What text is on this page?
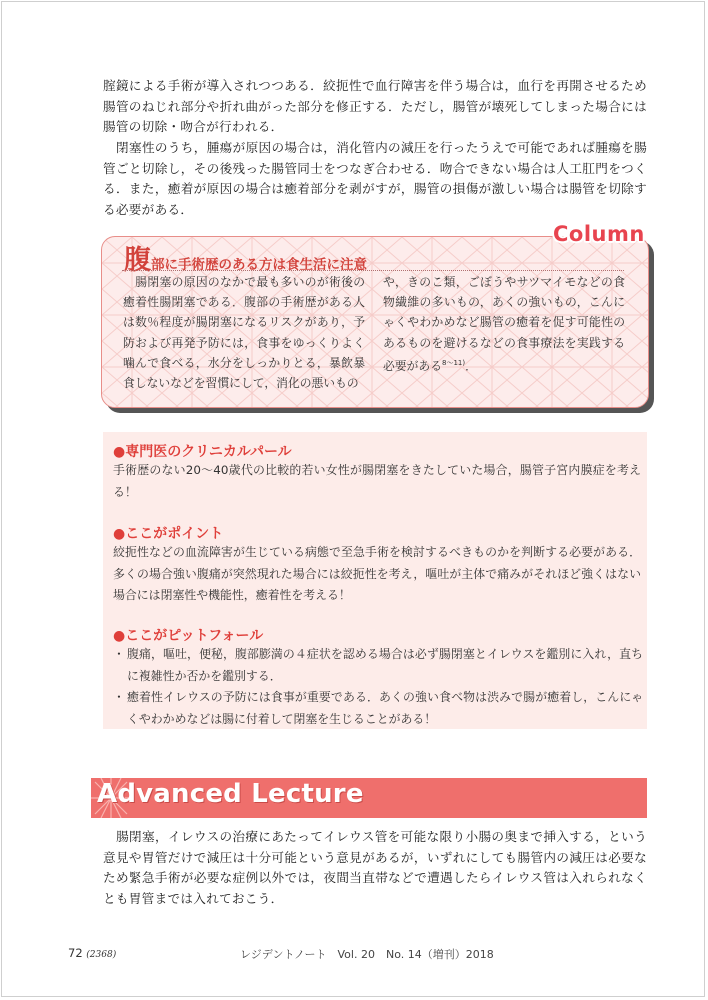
腟鏡による手術が導入されつつある．絞扼性で血行障害を伴う場合は，血行を再開させるため腸管のねじれ部分や折れ曲がった部分を修正する．ただし，腸管が壊死してしまった場合には腸管の切除・吻合が行われる．

閉塞性のうち，腫瘍が原因の場合は，消化管内の減圧を行ったうえで可能であれば腫瘍を腸管ごと切除し，その後残った腸管同士をつなぎ合わせる．吻合できない場合は人工肛門をつくる．また，癒着が原因の場合は癒着部分を剥がすが，腸管の損傷が激しい場合は腸管を切除する必要がある．

Column
腹部に手術歴のある方は食生活に注意

腸閉塞の原因のなかで最も多いのが術後の癒着性腸閉塞である．腹部の手術歴がある人は数％程度が腸閉塞になるリスクがあり，予防および再発予防には，食事をゆっくりよく噛んで食べる，水分をしっかりとる，暴飲暴食しないなどを習慣にして，消化の悪いもの

や，きのこ類，ごぼうやサツマイモなどの食物繊維の多いもの，あくの強いもの，こんにゃくやわかめなど腸管の癒着を促す可能性のあるものを避けるなどの食事療法を実践する必要がある$^{8\sim 11)}$．

●専門医のクリニカルパール

手術歴のない20～40歳代の比較的若い女性が腸閉塞をきたしていた場合，腸管子宮内膜症を考える！

●ここがポイント

絞扼性などの血流障害が生じている病態で至急手術を検討するべきものかを判断する必要がある．多くの場合強い腹痛が突然現れた場合には絞扼性を考え，嘔吐が主体で痛みがそれほど強くはない場合には閉塞性や機能性，癒着性を考える！

●ここがピットフォール
・ 腹痛，嘔吐，便秘，腹部膨満の４症状を認める場合は必ず腸閉塞とイレウスを鑑別に入れ，直ちに複雑性か否かを鑑別する．
・ 癒着性イレウスの予防には食事が重要である．あくの強い食べ物は渋みで腸が癒着し，こんにゃくやわかめなどは腸に付着して閉塞を生じることがある！
Advanced Lecture

腸閉塞，イレウスの治療にあたってイレウス管を可能な限り小腸の奥まで挿入する，という意見や胃管だけで減圧は十分可能という意見があるが，いずれにしても腸管内の減圧は必要なため緊急手術が必要な症例以外では，夜間当直帯などで遭遇したらイレウス管は入れられなくとも胃管までは入れておこう．

72 (2368)	レジデントノート　Vol. 20　No. 14（増刊）2018
